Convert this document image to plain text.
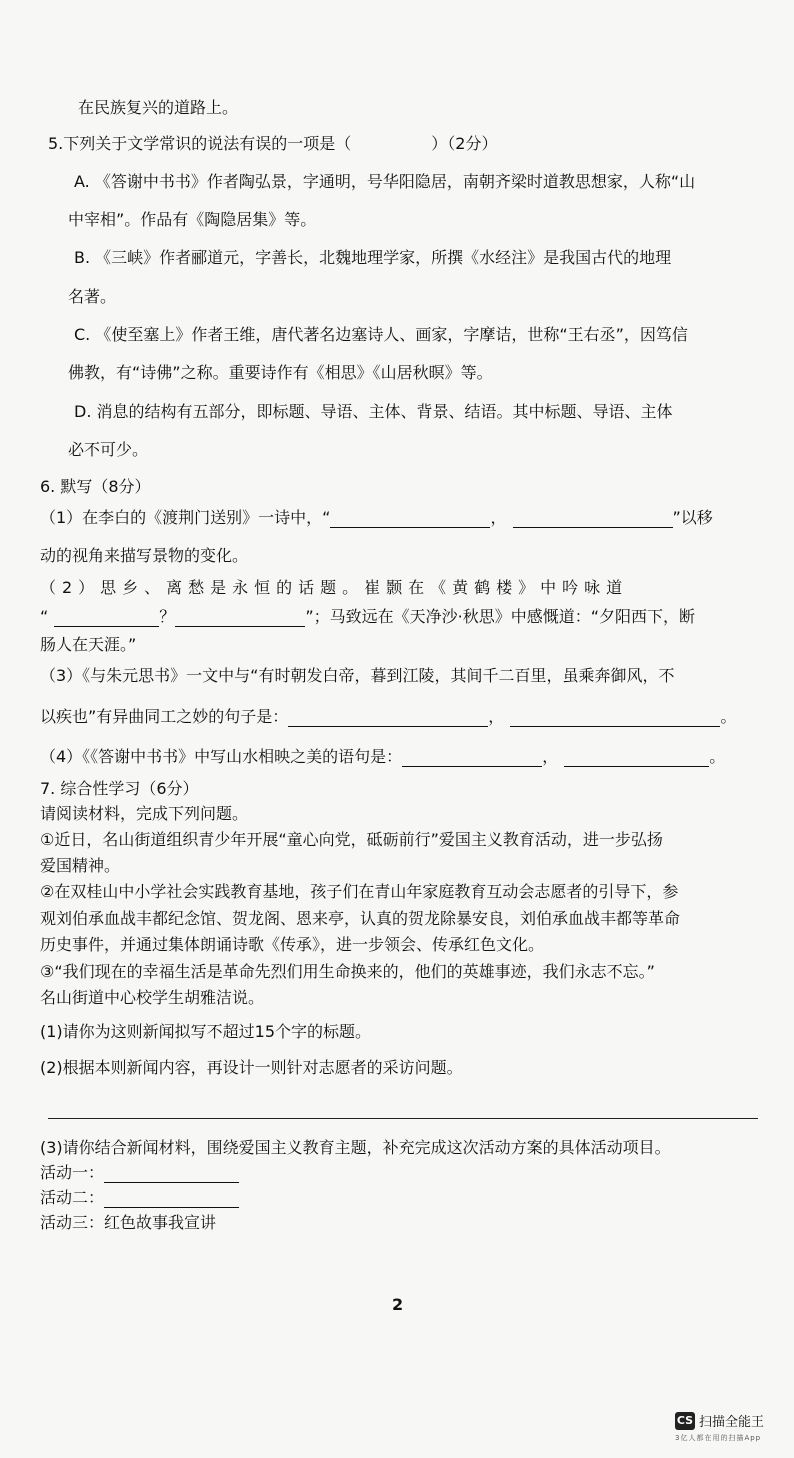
在民族复兴的道路上。
5.下列关于文学常识的说法有误的一项是（　　　　　）（2分）
A. 《答谢中书书》作者陶弘景，字通明，号华阳隐居，南朝齐梁时道教思想家，人称“山
中宰相”。作品有《陶隐居集》等。
B. 《三峡》作者郦道元，字善长，北魏地理学家，所撰《水经注》是我国古代的地理
名著。
C. 《使至塞上》作者王维，唐代著名边塞诗人、画家，字摩诘，世称“王右丞”，因笃信
佛教，有“诗佛”之称。重要诗作有《相思》《山居秋暝》等。
D. 消息的结构有五部分，即标题、导语、主体、背景、结语。其中标题、导语、主体
必不可少。
6. 默写（8分）
（1）在李白的《渡荆门送别》一诗中，“	，	”以移
动的视角来描写景物的变化。
（2）思乡、离愁是永恒的话题。崔颢在《黄鹤楼》中吟咏道
“	？	”；马致远在《天净沙·秋思》中感慨道：“夕阳西下，断
肠人在天涯。”
（3）《与朱元思书》一文中与“有时朝发白帝，暮到江陵，其间千二百里，虽乘奔御风，不
以疾也”有异曲同工之妙的句子是：	，	。
（4）《《答谢中书书》中写山水相映之美的语句是：	，	。
7. 综合性学习（6分）
请阅读材料，完成下列问题。
①近日，名山街道组织青少年开展“童心向党，砥砺前行”爱国主义教育活动，进一步弘扬
爱国精神。
②在双桂山中小学社会实践教育基地，孩子们在青山年家庭教育互动会志愿者的引导下，参
观刘伯承血战丰都纪念馆、贺龙阁、恩来亭，认真的贺龙除暴安良，刘伯承血战丰都等革命
历史事件，并通过集体朗诵诗歌《传承》，进一步领会、传承红色文化。
③“我们现在的幸福生活是革命先烈们用生命换来的，他们的英雄事迹，我们永志不忘。”
名山街道中心校学生胡雅洁说。
(1)请你为这则新闻拟写不超过15个字的标题。
(2)根据本则新闻内容，再设计一则针对志愿者的采访问题。
(3)请你结合新闻材料，围绕爱国主义教育主题，补充完成这次活动方案的具体活动项目。
活动一：
活动二：
活动三：红色故事我宣讲
2
CS 扫描全能王
3亿人都在用的扫描App
